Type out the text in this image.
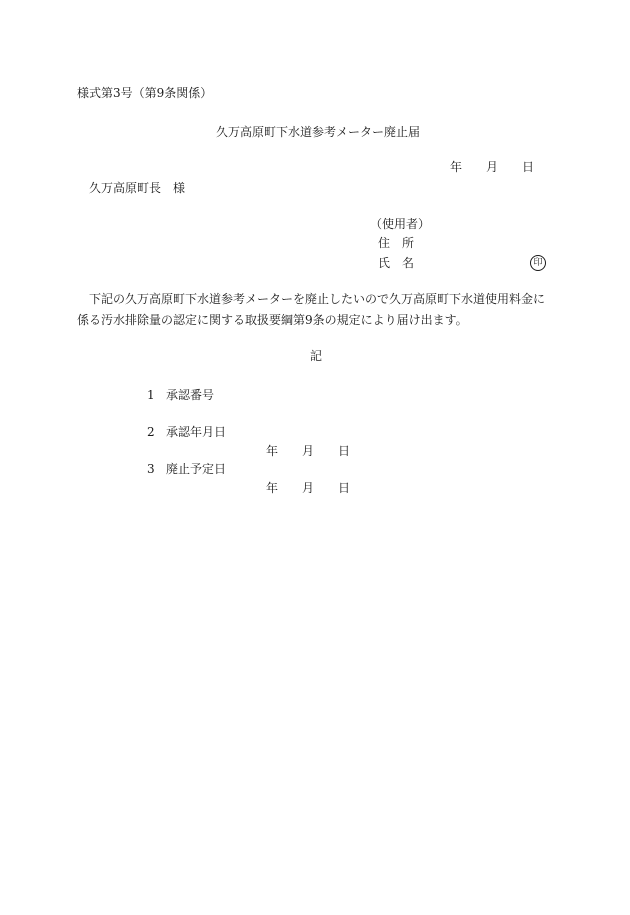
様式第3号（第9条関係）
久万高原町下水道参考メーター廃止届
年 月 日
久万高原町長　様
（使用者）
住　所
氏　名	印
下記の久万高原町下水道参考メーターを廃止したいので久万高原町下水道使用料金に係る汚水排除量の認定に関する取扱要綱第9条の規定により届け出ます。
記
1 承認番号
2 承認年月日
年 月 日
3 廃止予定日
年 月 日
